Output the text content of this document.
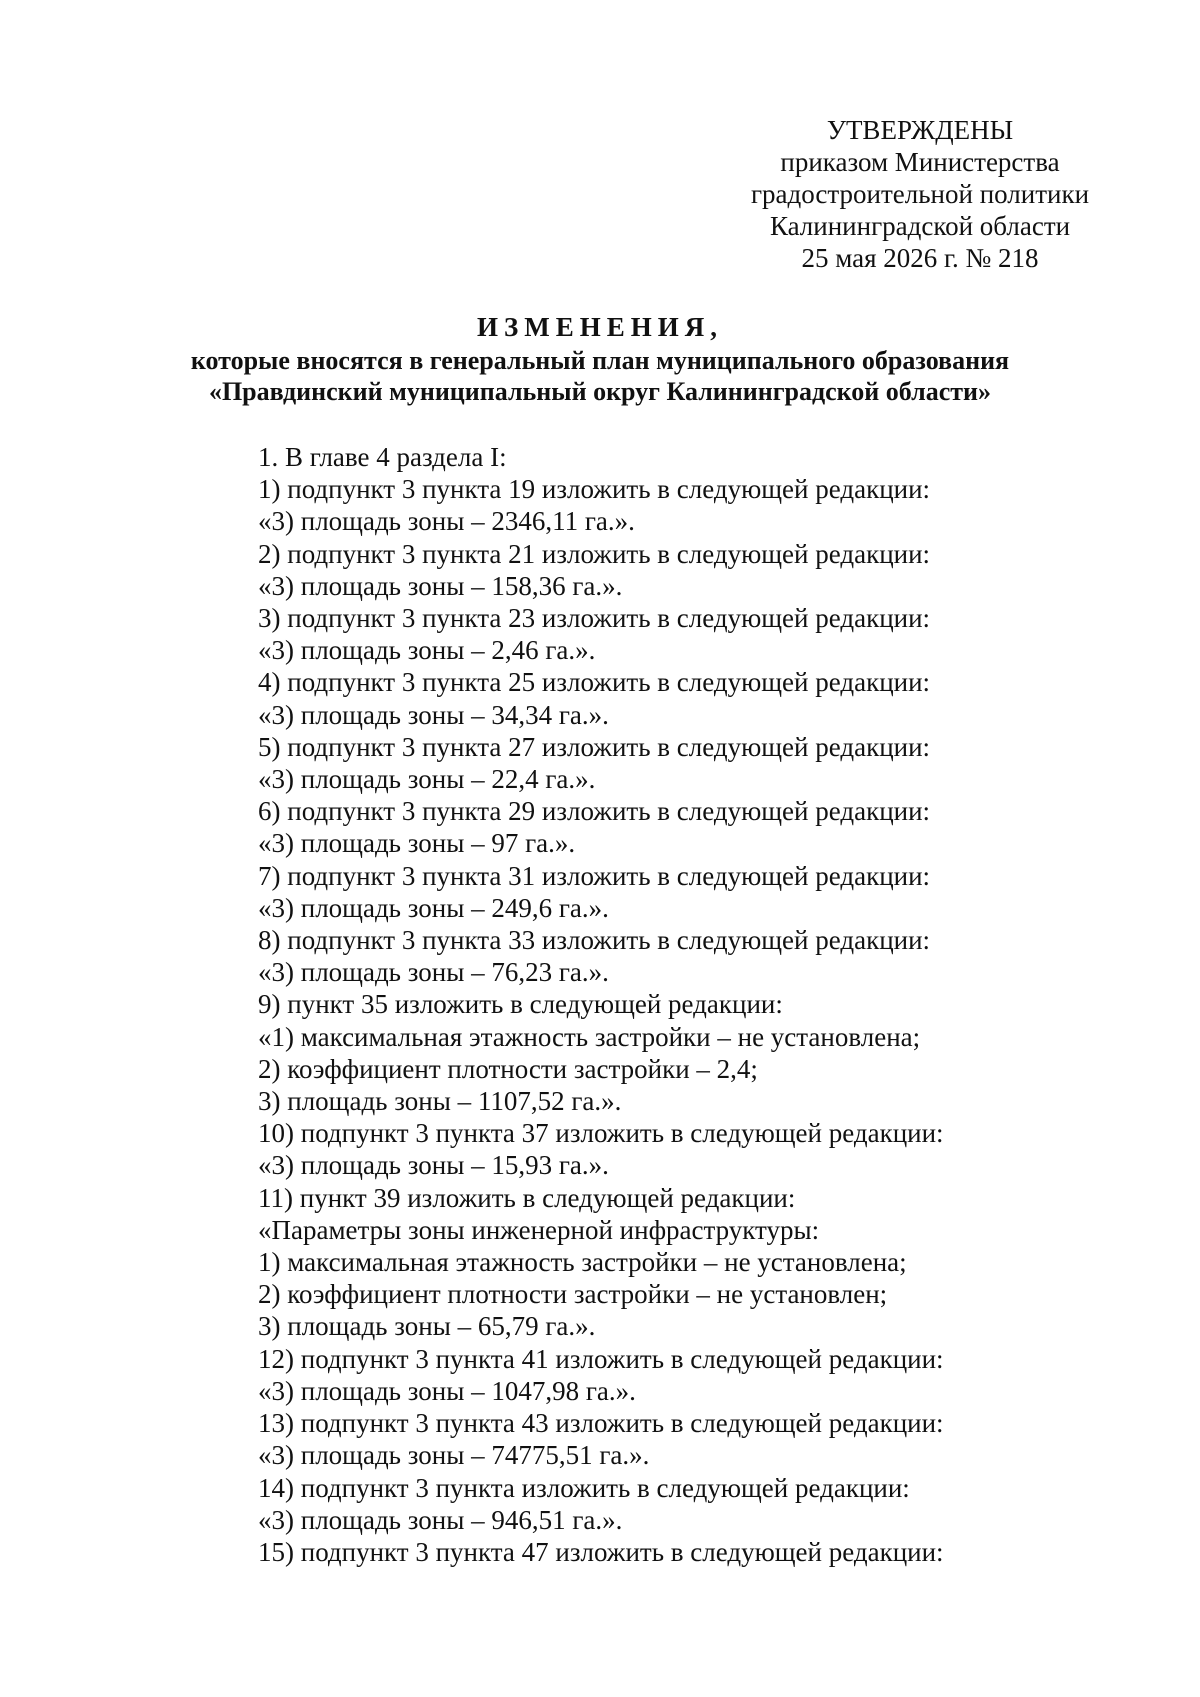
УТВЕРЖДЕНЫ
приказом Министерства
градостроительной политики
Калининградской области
25 мая 2026 г. № 218
ИЗМЕНЕНИЯ,
которые вносятся в генеральный план муниципального образования
«Правдинский муниципальный округ Калининградской области»
1. В главе 4 раздела I:
1) подпункт 3 пункта 19 изложить в следующей редакции:
«3) площадь зоны – 2346,11 га.».
2) подпункт 3 пункта 21 изложить в следующей редакции:
«3) площадь зоны – 158,36 га.».
3) подпункт 3 пункта 23 изложить в следующей редакции:
«3) площадь зоны – 2,46 га.».
4) подпункт 3 пункта 25 изложить в следующей редакции:
«3) площадь зоны – 34,34 га.».
5) подпункт 3 пункта 27 изложить в следующей редакции:
«3) площадь зоны – 22,4 га.».
6) подпункт 3 пункта 29 изложить в следующей редакции:
«3) площадь зоны – 97 га.».
7) подпункт 3 пункта 31 изложить в следующей редакции:
«3) площадь зоны – 249,6 га.».
8) подпункт 3 пункта 33 изложить в следующей редакции:
«3) площадь зоны – 76,23 га.».
9) пункт 35 изложить в следующей редакции:
«1) максимальная этажность застройки – не установлена;
2) коэффициент плотности застройки – 2,4;
3) площадь зоны – 1107,52 га.».
10) подпункт 3 пункта 37 изложить в следующей редакции:
«3) площадь зоны – 15,93 га.».
11) пункт 39 изложить в следующей редакции:
«Параметры зоны инженерной инфраструктуры:
1) максимальная этажность застройки – не установлена;
2) коэффициент плотности застройки – не установлен;
3) площадь зоны – 65,79 га.».
12) подпункт 3 пункта 41 изложить в следующей редакции:
«3) площадь зоны – 1047,98 га.».
13) подпункт 3 пункта 43 изложить в следующей редакции:
«3) площадь зоны – 74775,51 га.».
14) подпункт 3 пункта изложить в следующей редакции:
«3) площадь зоны – 946,51 га.».
15) подпункт 3 пункта 47 изложить в следующей редакции:
